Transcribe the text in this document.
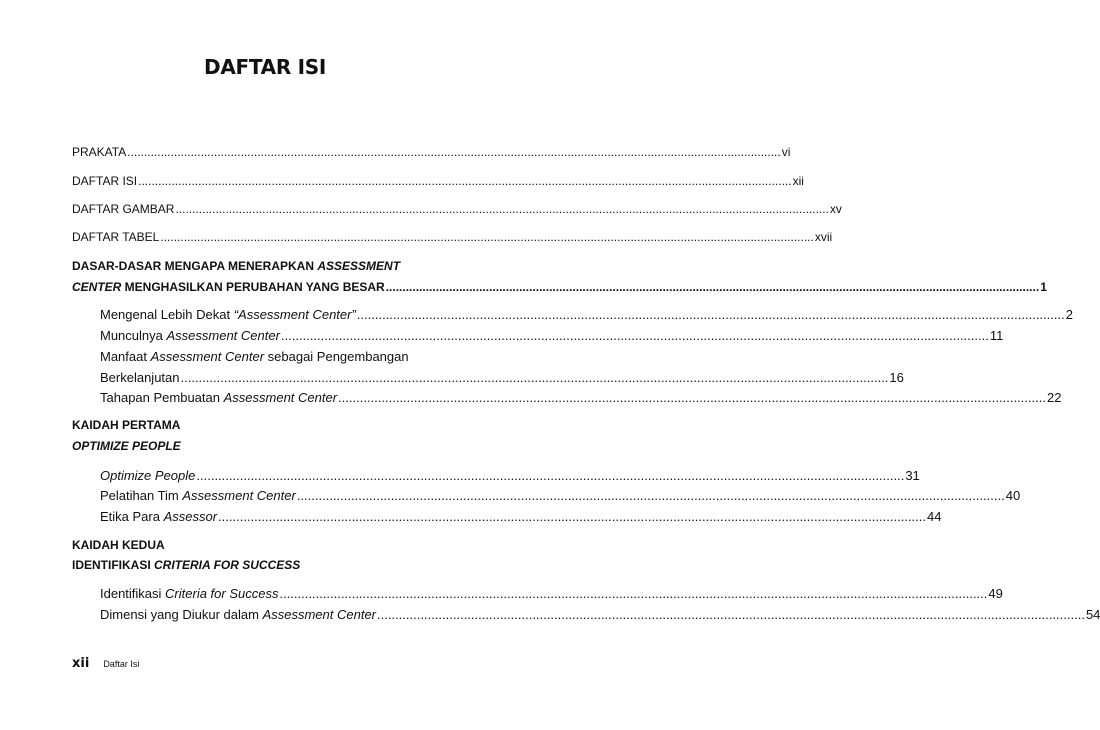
DAFTAR ISI
PRAKATA .................................................................................................................................................................................................... vi
DAFTAR ISI .................................................................................................................................................................................................... xii
DAFTAR GAMBAR .................................................................................................................................................................................................... xv
DAFTAR TABEL .................................................................................................................................................................................................... xvii
DASAR-DASAR MENGAPA MENERAPKAN ASSESSMENT
CENTER MENGHASILKAN PERUBAHAN YANG BESAR .................................................................................................................................................................................................... 1
Mengenal Lebih Dekat “Assessment Center” .................................................................................................................................................................................................... 2
Munculnya Assessment Center .................................................................................................................................................................................................... 11
Manfaat Assessment Center sebagai Pengembangan
Berkelanjutan .................................................................................................................................................................................................... 16
Tahapan Pembuatan Assessment Center .................................................................................................................................................................................................... 22
KAIDAH PERTAMA
OPTIMIZE PEOPLE
Optimize People .................................................................................................................................................................................................... 31
Pelatihan Tim Assessment Center .................................................................................................................................................................................................... 40
Etika Para Assessor .................................................................................................................................................................................................... 44
KAIDAH KEDUA
IDENTIFIKASI CRITERIA FOR SUCCESS
Identifikasi Criteria for Success .................................................................................................................................................................................................... 49
Dimensi yang Diukur dalam Assessment Center .................................................................................................................................................................................................... 54
xii Daftar Isi
